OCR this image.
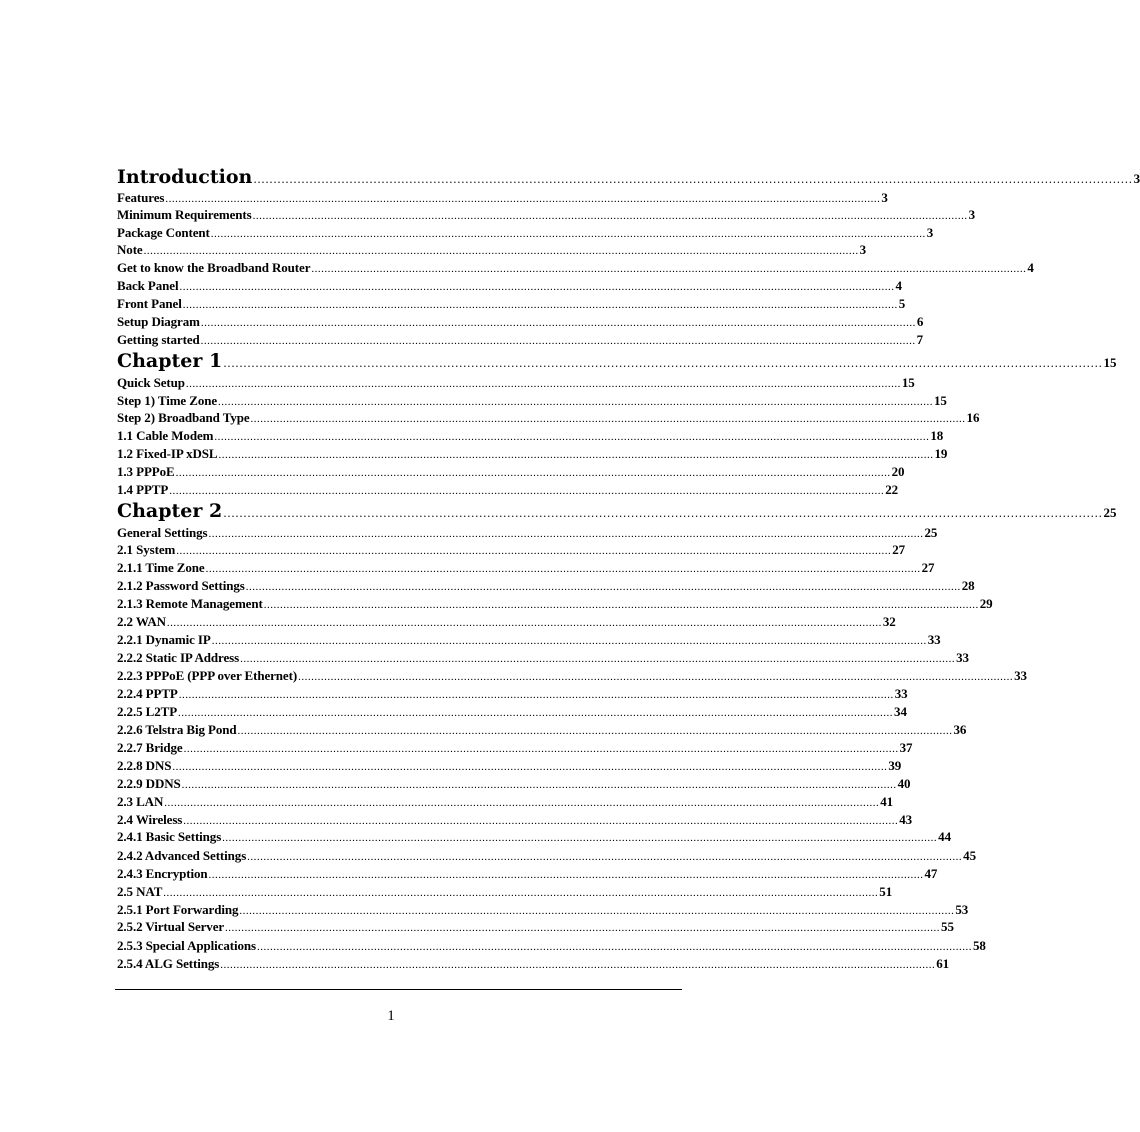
Introduction ............................................................................................................................................................................................................................ 3
Features ............................................................................................................................................................................................................................ 3
Minimum Requirements ............................................................................................................................................................................................................................ 3
Package Content ............................................................................................................................................................................................................................ 3
Note ............................................................................................................................................................................................................................ 3
Get to know the Broadband Router ............................................................................................................................................................................................................................ 4
Back Panel ............................................................................................................................................................................................................................ 4
Front Panel ............................................................................................................................................................................................................................ 5
Setup Diagram ............................................................................................................................................................................................................................ 6
Getting started ............................................................................................................................................................................................................................ 7
Chapter 1 ............................................................................................................................................................................................................................ 15
Quick Setup ............................................................................................................................................................................................................................ 15
Step 1) Time Zone ............................................................................................................................................................................................................................ 15
Step 2) Broadband Type ............................................................................................................................................................................................................................ 16
1.1 Cable Modem ............................................................................................................................................................................................................................ 18
1.2 Fixed-IP xDSL ............................................................................................................................................................................................................................ 19
1.3 PPPoE ............................................................................................................................................................................................................................ 20
1.4 PPTP ............................................................................................................................................................................................................................ 22
Chapter 2 ............................................................................................................................................................................................................................ 25
General Settings ............................................................................................................................................................................................................................ 25
2.1 System ............................................................................................................................................................................................................................ 27
2.1.1 Time Zone ............................................................................................................................................................................................................................ 27
2.1.2 Password Settings ............................................................................................................................................................................................................................ 28
2.1.3 Remote Management ............................................................................................................................................................................................................................ 29
2.2 WAN ............................................................................................................................................................................................................................ 32
2.2.1 Dynamic IP ............................................................................................................................................................................................................................ 33
2.2.2 Static IP Address ............................................................................................................................................................................................................................ 33
2.2.3 PPPoE (PPP over Ethernet) ............................................................................................................................................................................................................................ 33
2.2.4 PPTP ............................................................................................................................................................................................................................ 33
2.2.5 L2TP ............................................................................................................................................................................................................................ 34
2.2.6 Telstra Big Pond ............................................................................................................................................................................................................................ 36
2.2.7 Bridge ............................................................................................................................................................................................................................ 37
2.2.8 DNS ............................................................................................................................................................................................................................ 39
2.2.9 DDNS ............................................................................................................................................................................................................................ 40
2.3 LAN ............................................................................................................................................................................................................................ 41
2.4 Wireless ............................................................................................................................................................................................................................ 43
2.4.1 Basic Settings ............................................................................................................................................................................................................................ 44
2.4.2 Advanced Settings ............................................................................................................................................................................................................................ 45
2.4.3 Encryption ............................................................................................................................................................................................................................ 47
2.5 NAT ............................................................................................................................................................................................................................ 51
2.5.1 Port Forwarding ............................................................................................................................................................................................................................ 53
2.5.2 Virtual Server ............................................................................................................................................................................................................................ 55
2.5.3 Special Applications ............................................................................................................................................................................................................................ 58
2.5.4 ALG Settings ............................................................................................................................................................................................................................ 61
1
